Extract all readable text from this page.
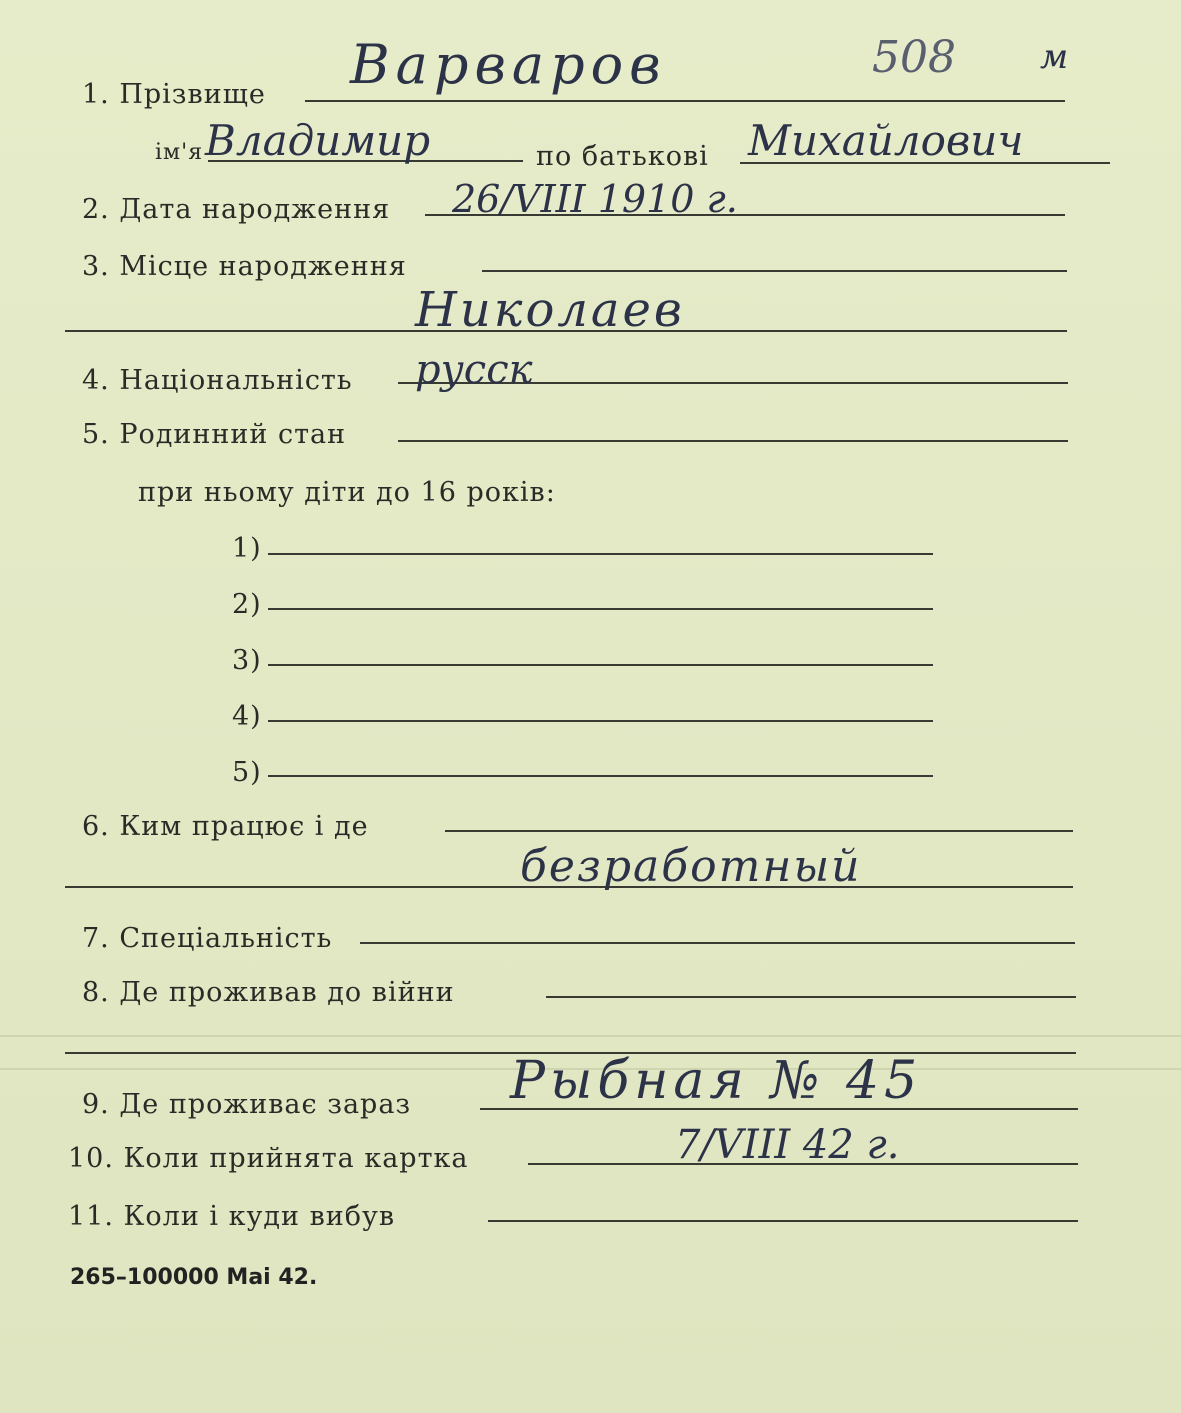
1. Прізвище Варваров	508 м
ім'я Владимир	по батькові Михайлович
2. Дата народження 26/VIII 1910 г.
3. Місце народження
Николаев
4. Національність русск
5. Родинний стан
при ньому діти до 16 років:
1)
2)
3)
4)
5)
6. Ким працює і де
безработный
7. Спеціальність
8. Де проживав до війни
9. Де проживає зараз Рыбная № 45
10. Коли прийнята картка	7/VIII 42 г.
11. Коли і куди вибув
265–100000 Mai 42.
